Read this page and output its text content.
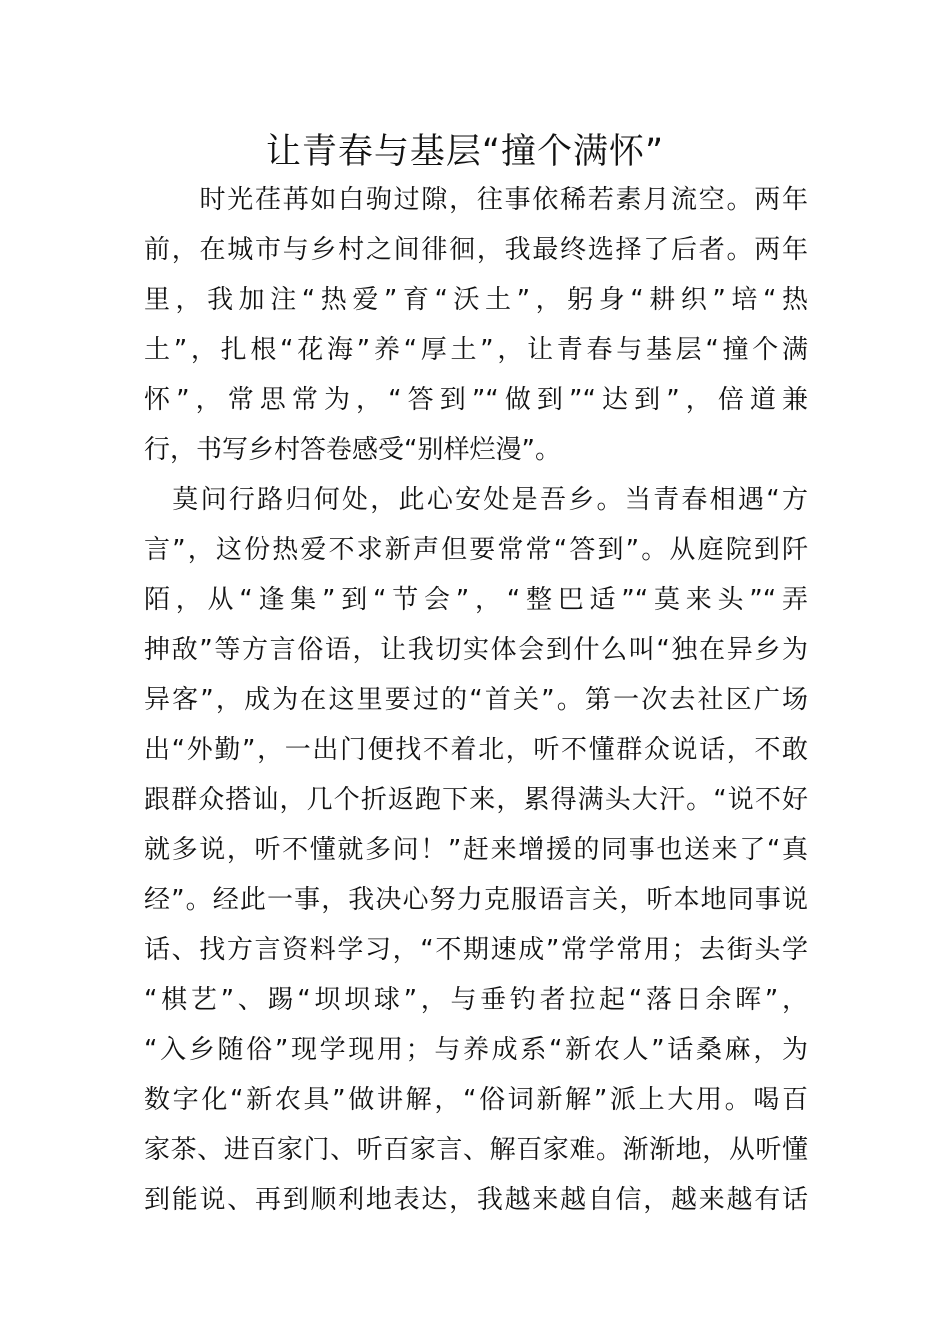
让青春与基层“撞个满怀”
　　时光荏苒如白驹过隙，往事依稀若素月流空。两年
前，在城市与乡村之间徘徊，我最终选择了后者。两年
里，我加注“热爱”育“沃土”，躬身“耕织”培“热
土”，扎根“花海”养“厚土”，让青春与基层“撞个满
怀”，常思常为，“答到”“做到”“达到”，倍道兼
行，书写乡村答卷感受“别样烂漫”。
　莫问行路归何处，此心安处是吾乡。当青春相遇“方
言”，这份热爱不求新声但要常常“答到”。从庭院到阡
陌，从“逢集”到“节会”，“整巴适”“莫来头”“弄
抻敌”等方言俗语，让我切实体会到什么叫“独在异乡为
异客”，成为在这里要过的“首关”。第一次去社区广场
出“外勤”，一出门便找不着北，听不懂群众说话，不敢
跟群众搭讪，几个折返跑下来，累得满头大汗。“说不好
就多说，听不懂就多问！”赶来增援的同事也送来了“真
经”。经此一事，我决心努力克服语言关，听本地同事说
话、找方言资料学习，“不期速成”常学常用；去街头学
“棋艺”、踢“坝坝球”，与垂钓者拉起“落日余晖”，
“入乡随俗”现学现用；与养成系“新农人”话桑麻，为
数字化“新农具”做讲解，“俗词新解”派上大用。喝百
家茶、进百家门、听百家言、解百家难。渐渐地，从听懂
到能说、再到顺利地表达，我越来越自信，越来越有话
